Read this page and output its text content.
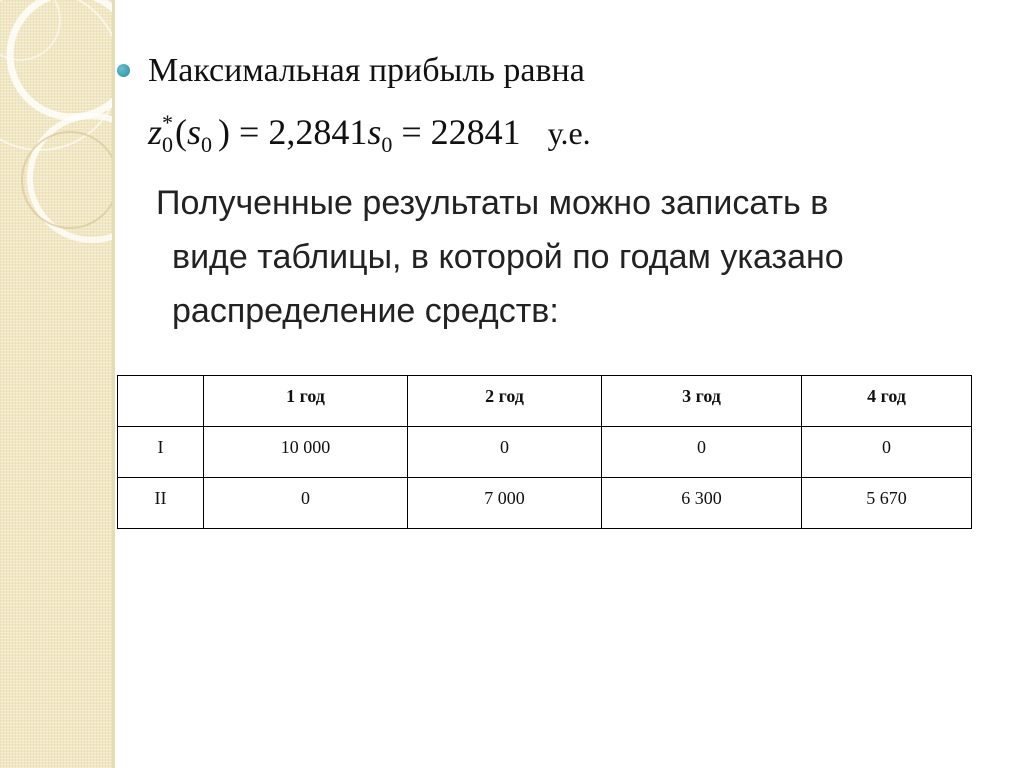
Максимальная прибыль равна
$z_0^*(s_0$ ) = $2,2841s_0 = 22841$ у.е.
Полученные результаты можно записать в
виде таблицы, в которой по годам указано
распределение средств:
	1 год	2 год	3 год	4 год
I	10 000	0	0	0
II	0	7 000	6 300	5 670
